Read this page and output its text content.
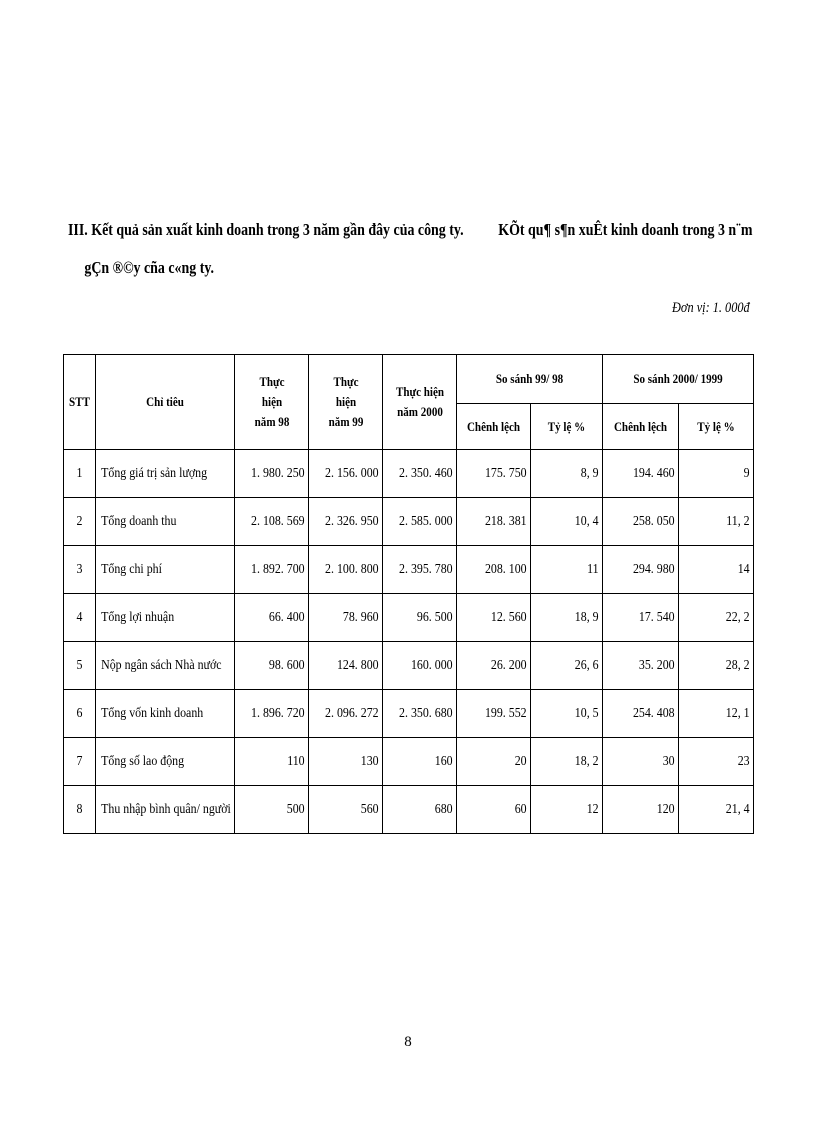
III. Kết quả sản xuất kinh doanh trong 3 năm gần đây của công ty. KÕt qu¶ s¶n xuÊt kinh doanh trong 3 n¨m
gÇn ®©y cña c«ng ty.
Đơn vị: 1. 000đ
STT	Chỉ tiêu	Thực hiện năm 98	Thực hiện năm 99	Thực hiện năm 2000	So sánh 99/ 98		So sánh 2000/ 1999	

					Chênh lệch	Tỷ lệ %	Chênh lệch	Tỷ lệ %

1	Tổng giá trị sản lượng	1. 980. 250	2. 156. 000	2. 350. 460	175. 750	8, 9	194. 460	9

2	Tổng doanh thu	2. 108. 569	2. 326. 950	2. 585. 000	218. 381	10, 4	258. 050	11, 2

3	Tổng chi phí	1. 892. 700	2. 100. 800	2. 395. 780	208. 100	11	294. 980	14

4	Tổng lợi nhuận	66. 400	78. 960	96. 500	12. 560	18, 9	17. 540	22, 2

5	Nộp ngân sách Nhà nước	98. 600	124. 800	160. 000	26. 200	26, 6	35. 200	28, 2

6	Tổng vốn kinh doanh	1. 896. 720	2. 096. 272	2. 350. 680	199. 552	10, 5	254. 408	12, 1

7	Tổng số lao động	110	130	160	20	18, 2	30	23

8	Thu nhập bình quân/ người	500	560	680	60	12	120	21, 4
8
